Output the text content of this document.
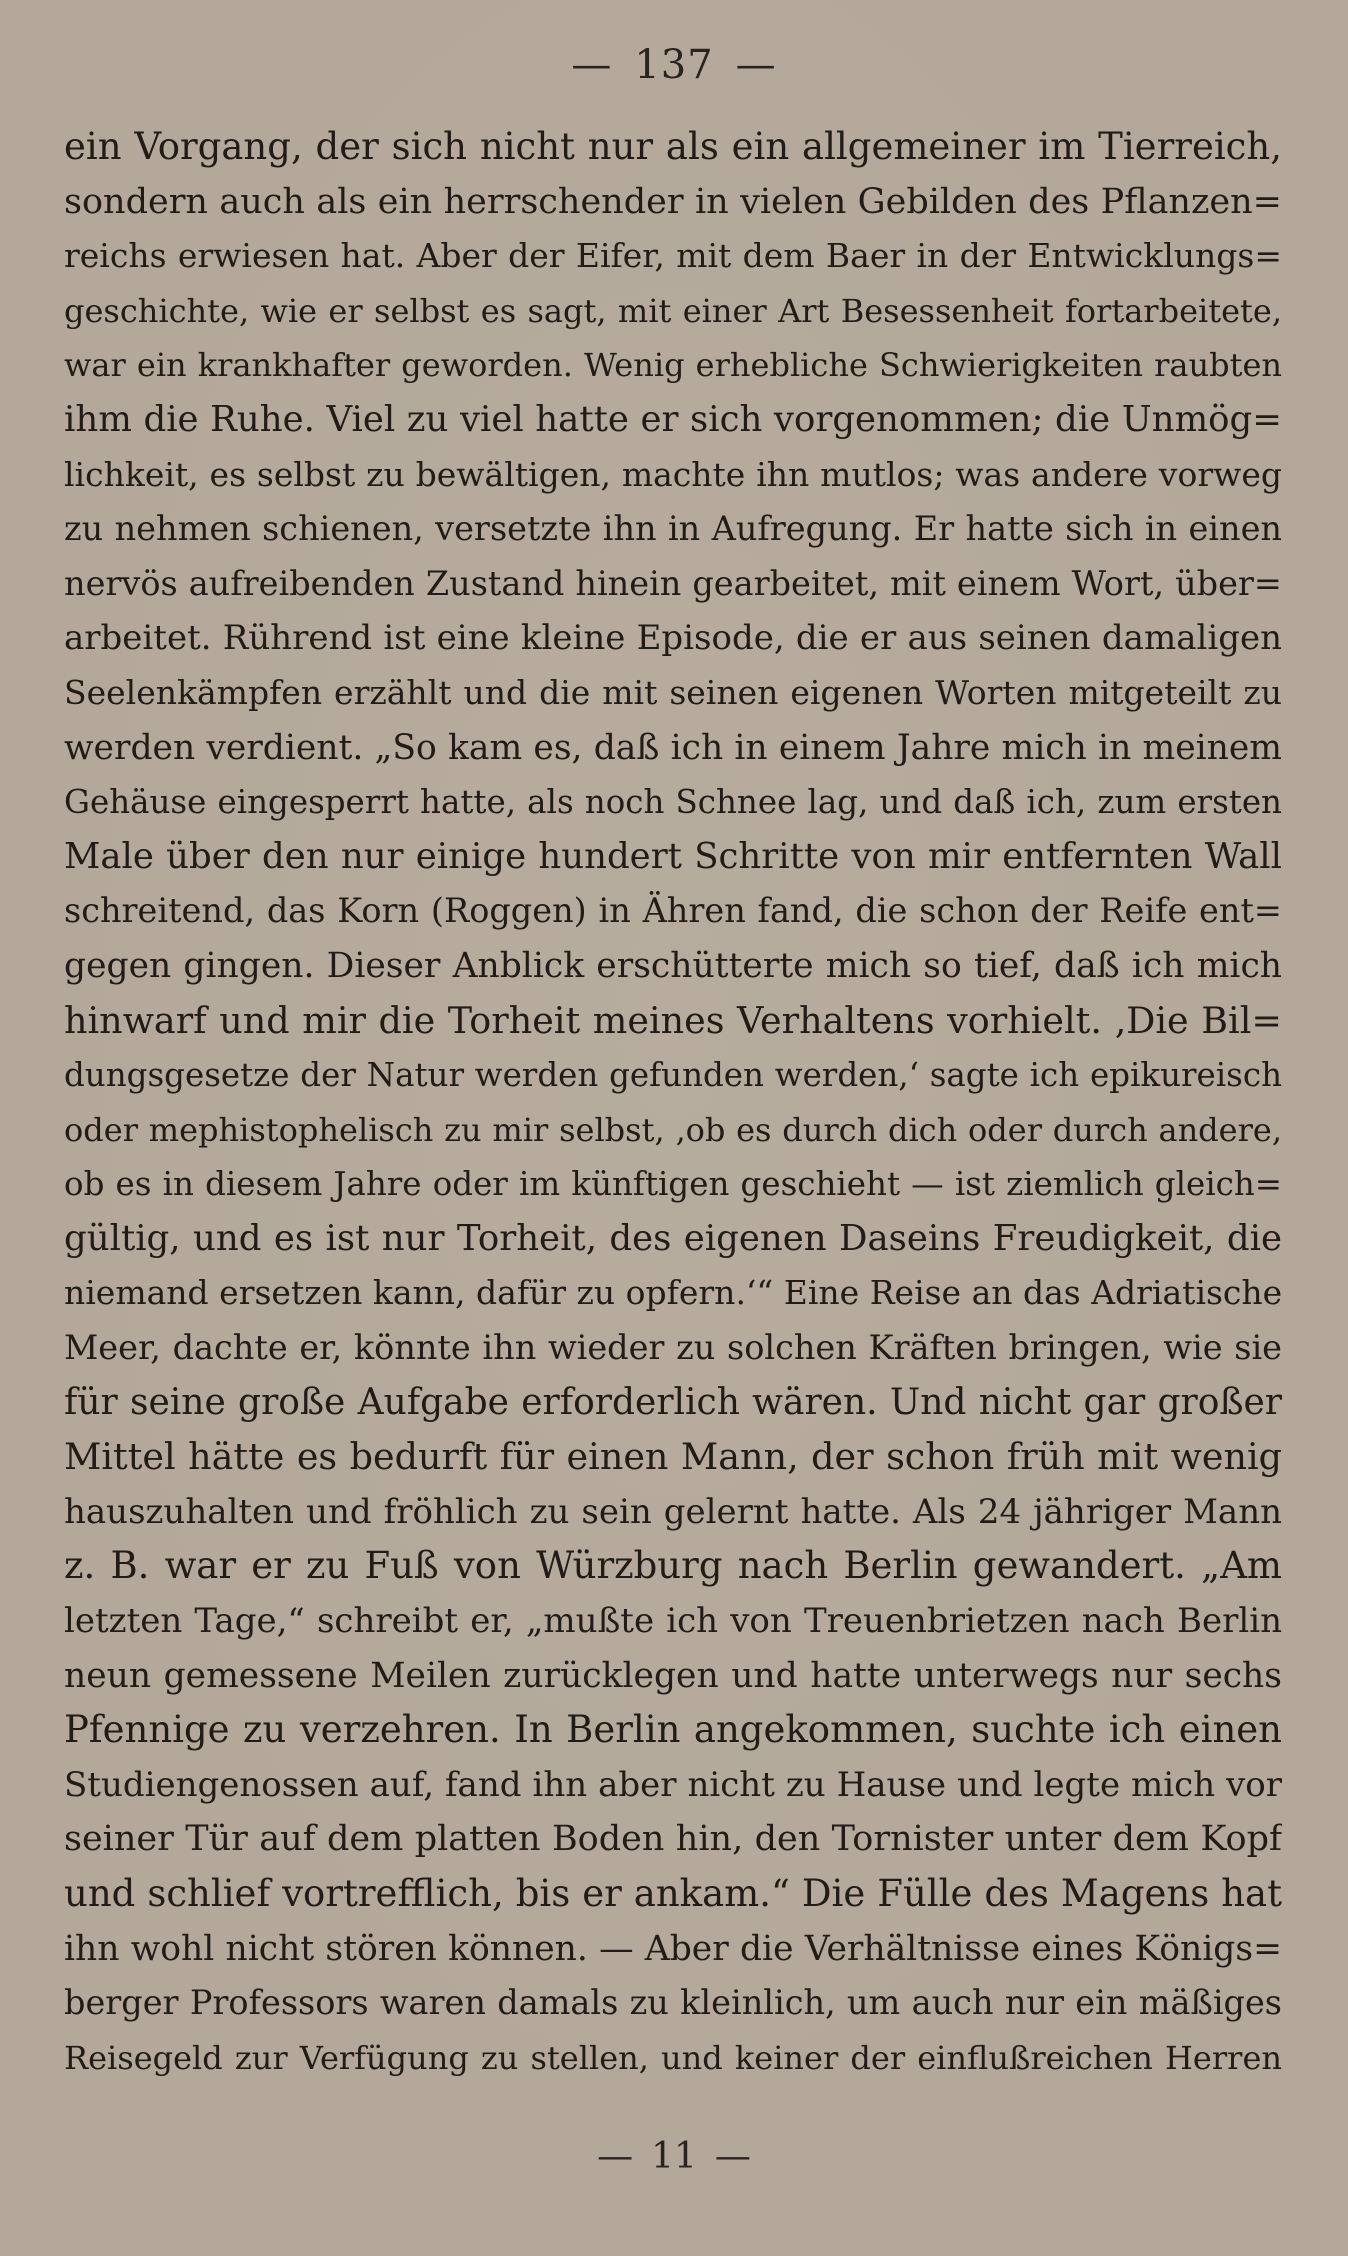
— 137 —
ein Vorgang, der sich nicht nur als ein allgemeiner im Tierreich,
sondern auch als ein herrschender in vielen Gebilden des Pflanzen=
reichs erwiesen hat. Aber der Eifer, mit dem Baer in der Entwicklungs=
geschichte, wie er selbst es sagt, mit einer Art Besessenheit fortarbeitete,
war ein krankhafter geworden. Wenig erhebliche Schwierigkeiten raubten
ihm die Ruhe. Viel zu viel hatte er sich vorgenommen; die Unmög=
lichkeit, es selbst zu bewältigen, machte ihn mutlos; was andere vorweg
zu nehmen schienen, versetzte ihn in Aufregung. Er hatte sich in einen
nervös aufreibenden Zustand hinein gearbeitet, mit einem Wort, über=
arbeitet. Rührend ist eine kleine Episode, die er aus seinen damaligen
Seelenkämpfen erzählt und die mit seinen eigenen Worten mitgeteilt zu
werden verdient. „So kam es, daß ich in einem Jahre mich in meinem
Gehäuse eingesperrt hatte, als noch Schnee lag, und daß ich, zum ersten
Male über den nur einige hundert Schritte von mir entfernten Wall
schreitend, das Korn (Roggen) in Ähren fand, die schon der Reife ent=
gegen gingen. Dieser Anblick erschütterte mich so tief, daß ich mich
hinwarf und mir die Torheit meines Verhaltens vorhielt. ‚Die Bil=
dungsgesetze der Natur werden gefunden werden,‘ sagte ich epikureisch
oder mephistophelisch zu mir selbst, ‚ob es durch dich oder durch andere,
ob es in diesem Jahre oder im künftigen geschieht — ist ziemlich gleich=
gültig, und es ist nur Torheit, des eigenen Daseins Freudigkeit, die
niemand ersetzen kann, dafür zu opfern.‘“ Eine Reise an das Adriatische
Meer, dachte er, könnte ihn wieder zu solchen Kräften bringen, wie sie
für seine große Aufgabe erforderlich wären. Und nicht gar großer
Mittel hätte es bedurft für einen Mann, der schon früh mit wenig
hauszuhalten und fröhlich zu sein gelernt hatte. Als 24 jähriger Mann
z. B. war er zu Fuß von Würzburg nach Berlin gewandert. „Am
letzten Tage,“ schreibt er, „mußte ich von Treuenbrietzen nach Berlin
neun gemessene Meilen zurücklegen und hatte unterwegs nur sechs
Pfennige zu verzehren. In Berlin angekommen, suchte ich einen
Studiengenossen auf, fand ihn aber nicht zu Hause und legte mich vor
seiner Tür auf dem platten Boden hin, den Tornister unter dem Kopf
und schlief vortrefflich, bis er ankam.“ Die Fülle des Magens hat
ihn wohl nicht stören können. — Aber die Verhältnisse eines Königs=
berger Professors waren damals zu kleinlich, um auch nur ein mäßiges
Reisegeld zur Verfügung zu stellen, und keiner der einflußreichen Herren
— 11 —
